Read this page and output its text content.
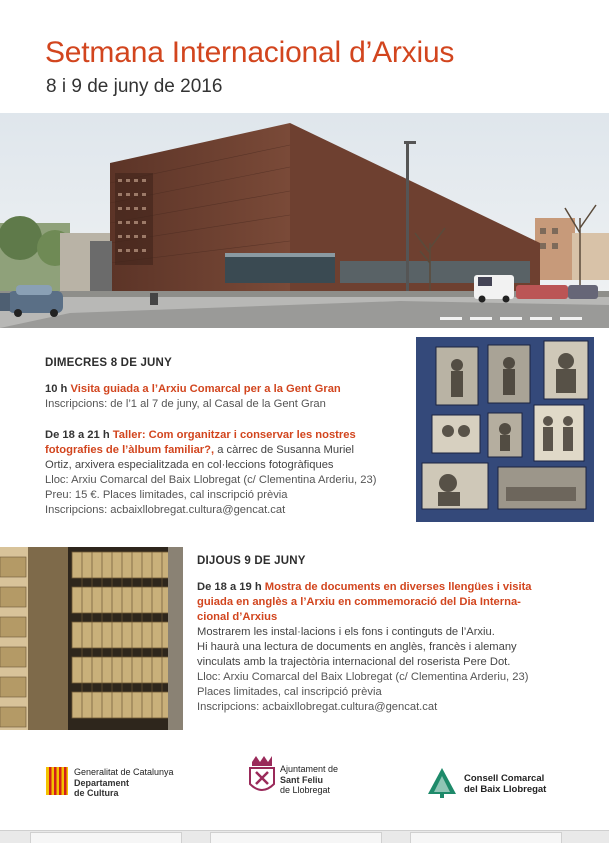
Setmana Internacional d’Arxius
8 i 9 de juny de 2016
DIMECRES 8 DE JUNY
10 h Visita guiada a l’Arxiu Comarcal per a la Gent Gran
Inscripcions: de l’1 al 7 de juny, al Casal de la Gent Gran
De 18 a 21 h Taller: Com organitzar i conservar les nostres
fotografies de l’àlbum familiar?, a càrrec de Susanna Muriel
Ortiz, arxivera especialitzada en col·leccions fotogràfiques
Lloc: Arxiu Comarcal del Baix Llobregat (c/ Clementina Arderiu, 23)
Preu: 15 €. Places limitades, cal inscripció prèvia
Inscripcions: acbaixllobregat.cultura@gencat.cat
DIJOUS 9 DE JUNY
De 18 a 19 h Mostra de documents en diverses llengües i visita
guiada en anglès a l’Arxiu en commemoració del Dia Interna-
cional d’Arxius
Mostrarem les instal·lacions i els fons i continguts de l’Arxiu.
Hi haurà una lectura de documents en anglès, francès i alemany
vinculats amb la trajectòria internacional del roserista Pere Dot.
Lloc: Arxiu Comarcal del Baix Llobregat (c/ Clementina Arderiu, 23)
Places limitades, cal inscripció prèvia
Inscripcions: acbaixllobregat.cultura@gencat.cat
Generalitat de Catalunya
Departament
de Cultura
Ajuntament de
Sant Feliu
de Llobregat
Consell Comarcal
del Baix Llobregat
